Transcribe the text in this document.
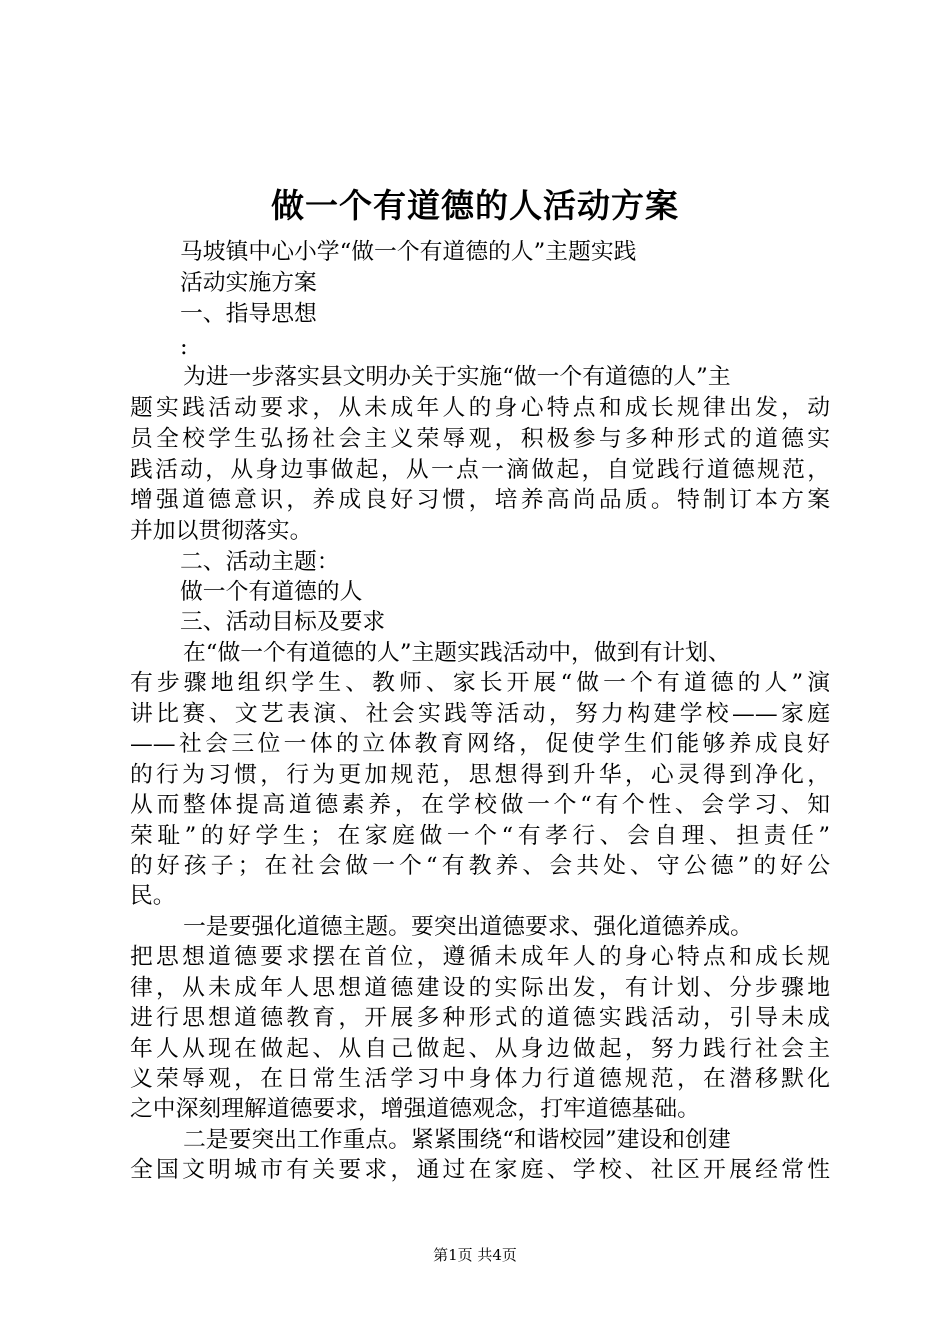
做一个有道德的人活动方案
马坡镇中心小学“做一个有道德的人”主题实践
活动实施方案
一、指导思想
:
为进一步落实县文明办关于实施“做一个有道德的人”主
题实践活动要求，从未成年人的身心特点和成长规律出发，动
员全校学生弘扬社会主义荣辱观，积极参与多种形式的道德实
践活动，从身边事做起，从一点一滴做起，自觉践行道德规范，
增强道德意识，养成良好习惯，培养高尚品质。特制订本方案
并加以贯彻落实。
二、活动主题：
做一个有道德的人
三、活动目标及要求
在“做一个有道德的人”主题实践活动中，做到有计划、
有步骤地组织学生、教师、家长开展“做一个有道德的人”演
讲比赛、文艺表演、社会实践等活动，努力构建学校——家庭
——社会三位一体的立体教育网络，促使学生们能够养成良好
的行为习惯，行为更加规范，思想得到升华，心灵得到净化，
从而整体提高道德素养，在学校做一个“有个性、会学习、知
荣耻”的好学生；在家庭做一个“有孝行、会自理、担责任”
的好孩子；在社会做一个“有教养、会共处、守公德”的好公
民。
一是要强化道德主题。要突出道德要求、强化道德养成。
把思想道德要求摆在首位，遵循未成年人的身心特点和成长规
律，从未成年人思想道德建设的实际出发，有计划、分步骤地
进行思想道德教育，开展多种形式的道德实践活动，引导未成
年人从现在做起、从自己做起、从身边做起，努力践行社会主
义荣辱观，在日常生活学习中身体力行道德规范，在潜移默化
之中深刻理解道德要求，增强道德观念，打牢道德基础。
二是要突出工作重点。紧紧围绕“和谐校园”建设和创建
全国文明城市有关要求，通过在家庭、学校、社区开展经常性
第1页 共4页
